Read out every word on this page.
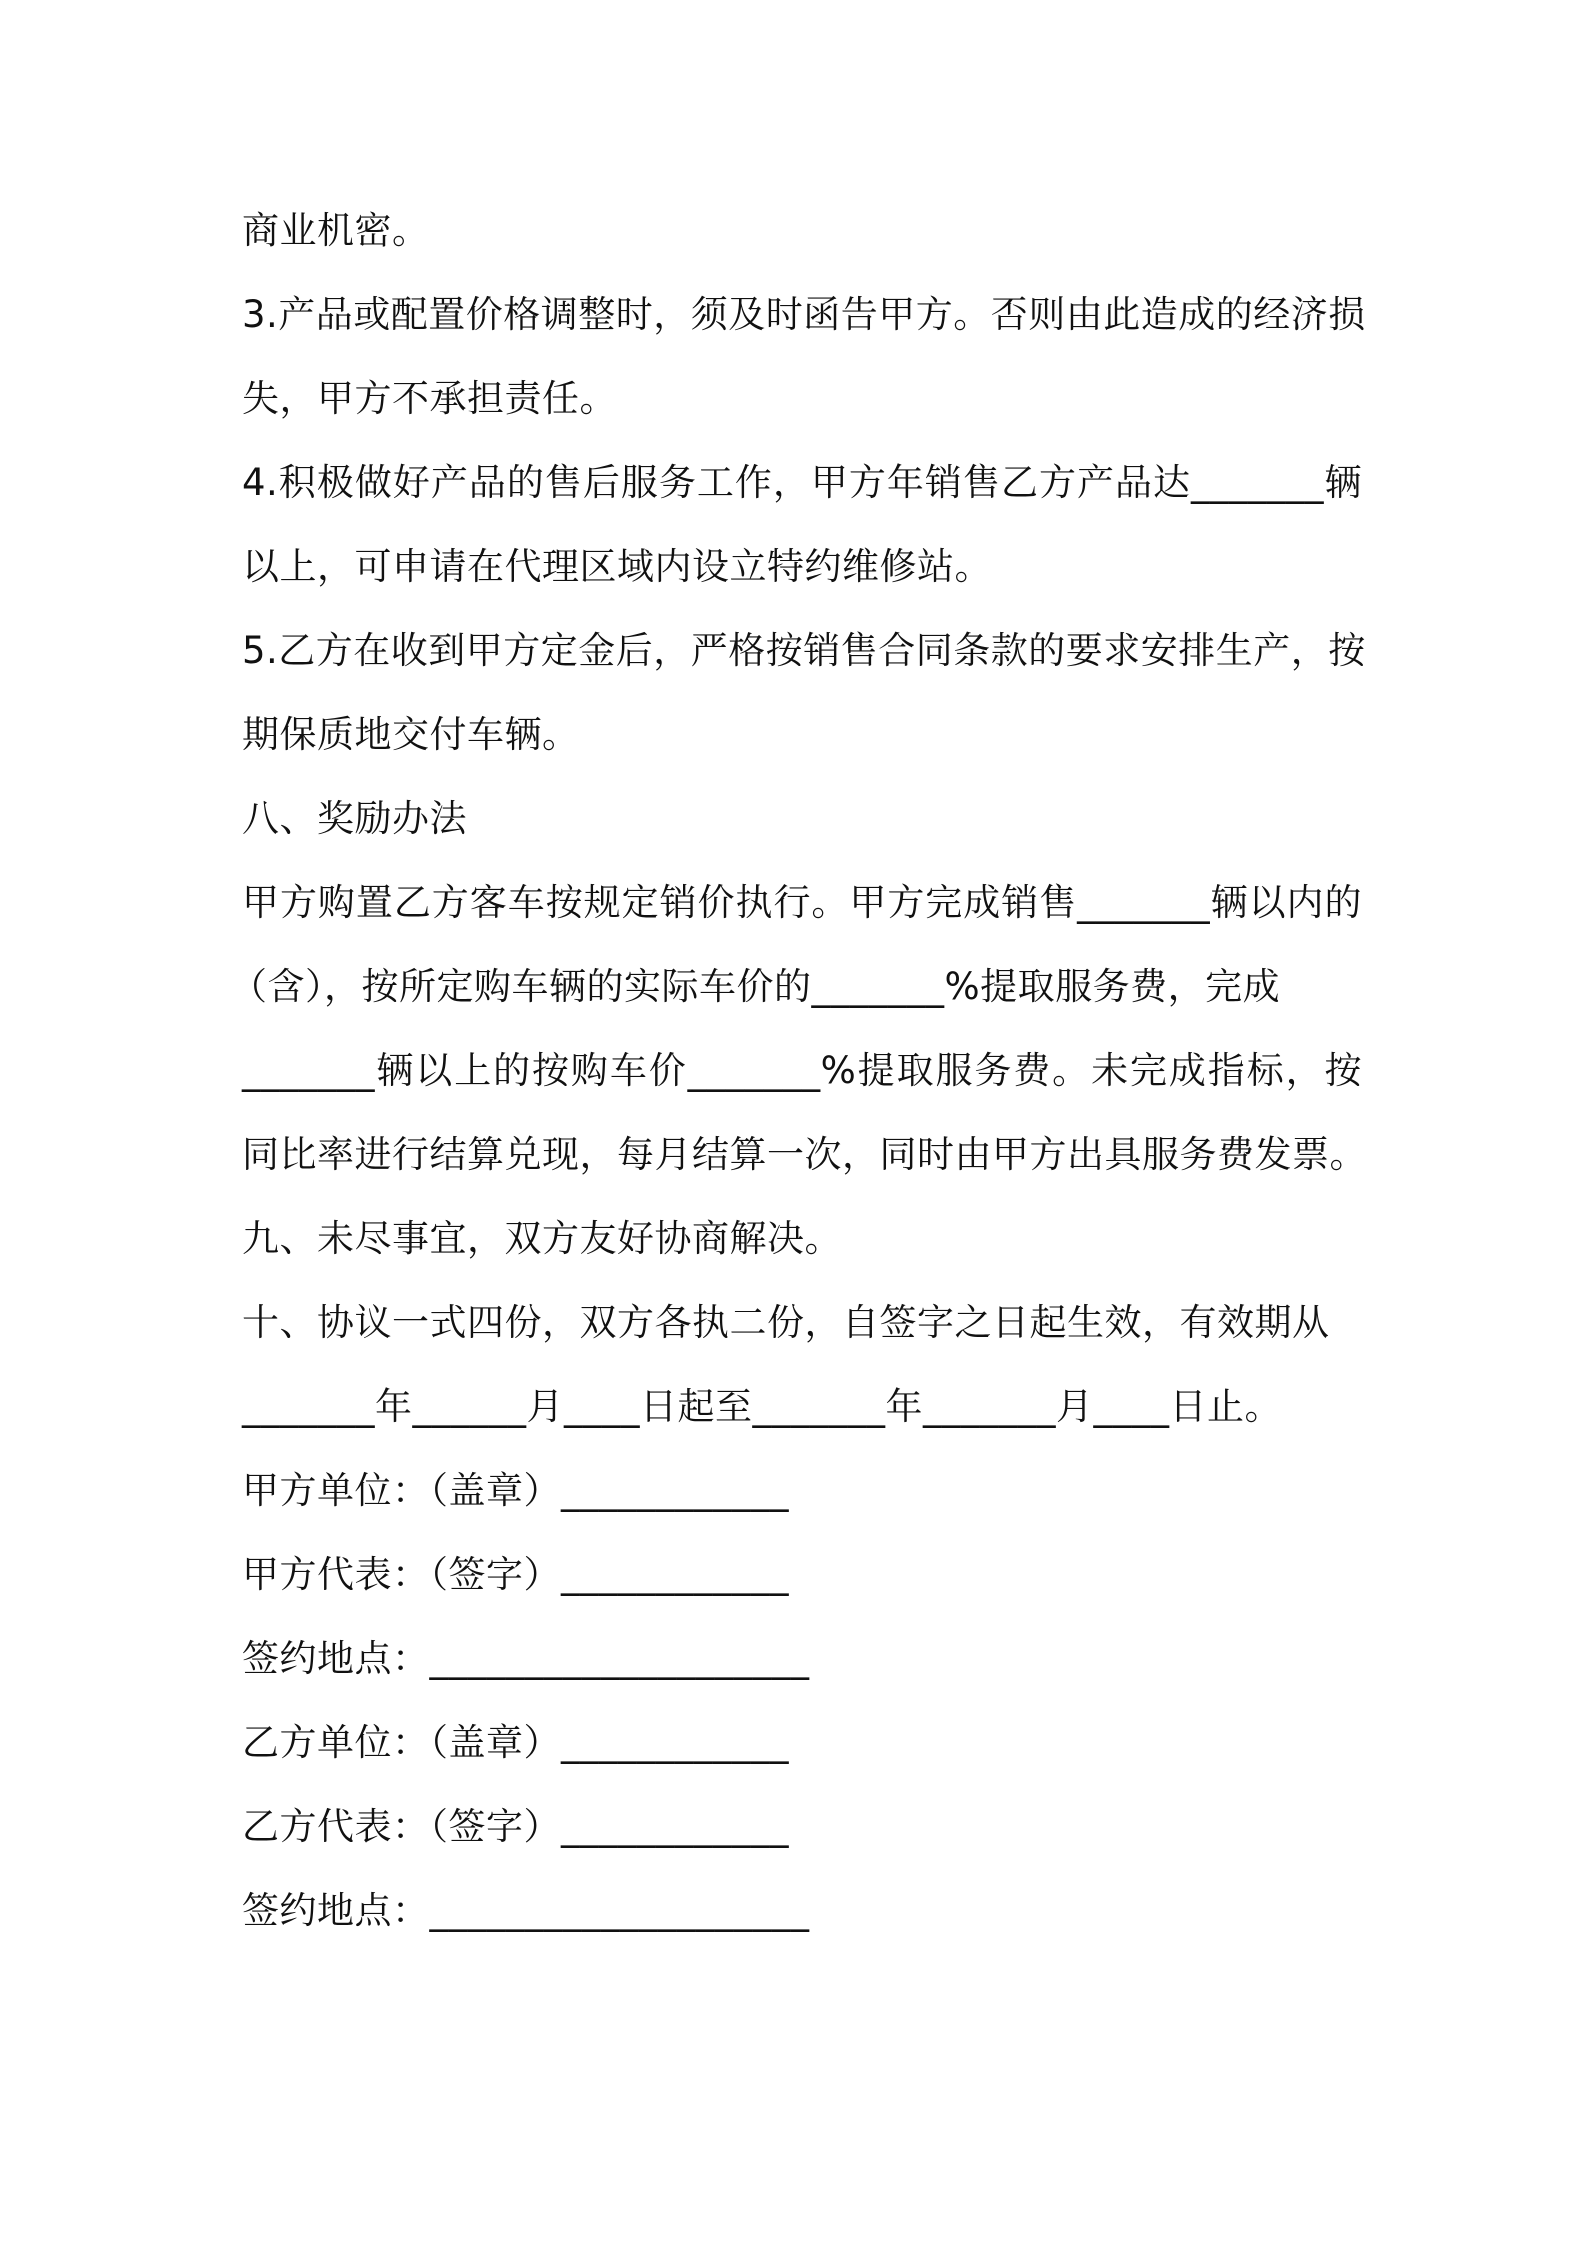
商业机密。
3.产品或配置价格调整时，须及时函告甲方。否则由此造成的经济损
失，甲方不承担责任。
4.积极做好产品的售后服务工作，甲方年销售乙方产品达_______辆
以上，可申请在代理区域内设立特约维修站。
5.乙方在收到甲方定金后，严格按销售合同条款的要求安排生产，按
期保质地交付车辆。
八、奖励办法
甲方购置乙方客车按规定销价执行。甲方完成销售_______辆以内的
（含），按所定购车辆的实际车价的_______%提取服务费，完成
_______辆以上的按购车价_______%提取服务费。未完成指标，按
同比率进行结算兑现，每月结算一次，同时由甲方出具服务费发票。
九、未尽事宜，双方友好协商解决。
十、协议一式四份，双方各执二份，自签字之日起生效，有效期从
_______年______月____日起至_______年_______月____日止。
甲方单位：（盖章）____________
甲方代表：（签字）____________
签约地点：____________________
乙方单位：（盖章）____________
乙方代表：（签字）____________
签约地点：____________________
